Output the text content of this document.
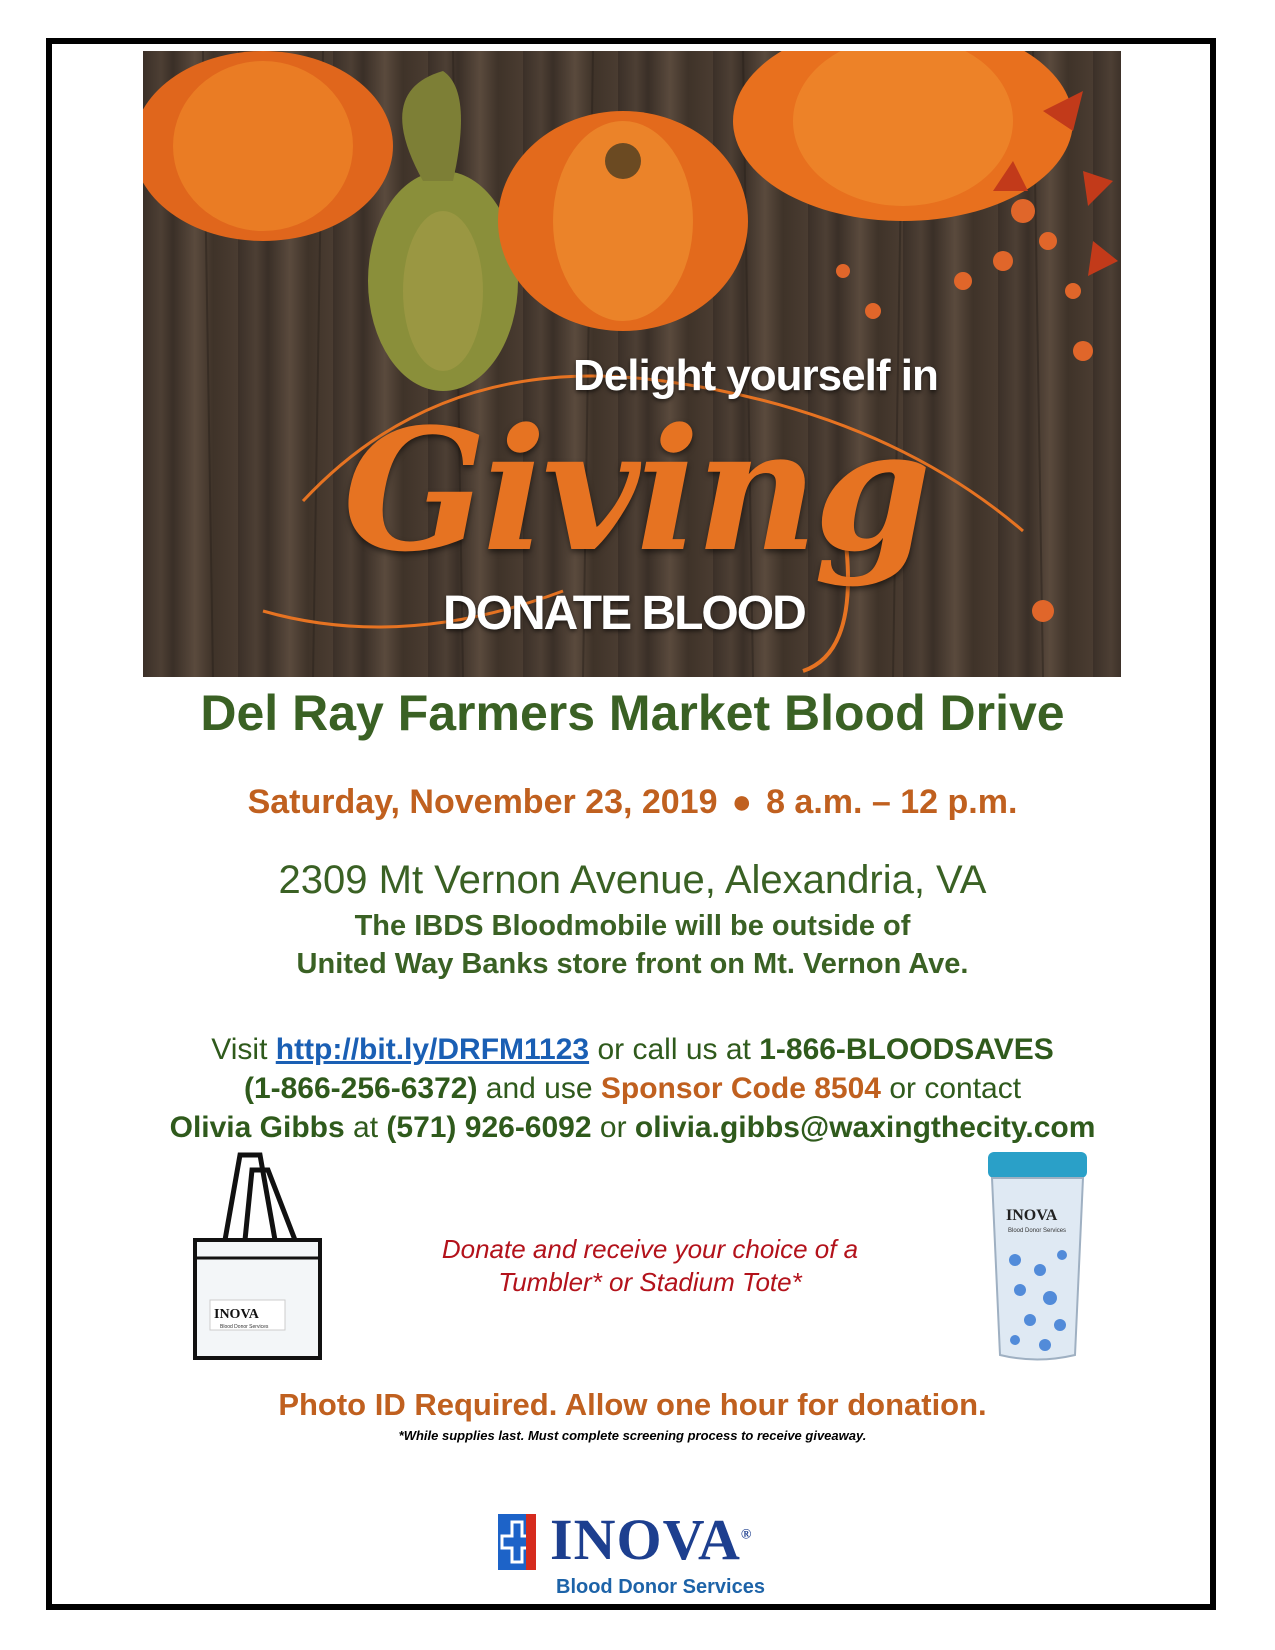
Delight yourself in
Giving
DONATE BLOOD
Del Ray Farmers Market Blood Drive
Saturday, November 23, 2019 ● 8 a.m. – 12 p.m.
2309 Mt Vernon Avenue, Alexandria, VA
The IBDS Bloodmobile will be outside of
United Way Banks store front on Mt. Vernon Ave.
Visit http://bit.ly/DRFM1123 or call us at 1-866-BLOODSAVES
(1-866-256-6372) and use Sponsor Code 8504 or contact
Olivia Gibbs at (571) 926-6092 or olivia.gibbs@waxingthecity.com
INOVA
Blood Donor Services
Donate and receive your choice of a
Tumbler* or Stadium Tote*
INOVA
Blood Donor Services
Photo ID Required. Allow one hour for donation.
*While supplies last. Must complete screening process to receive giveaway.
INOVA®
Blood Donor Services
